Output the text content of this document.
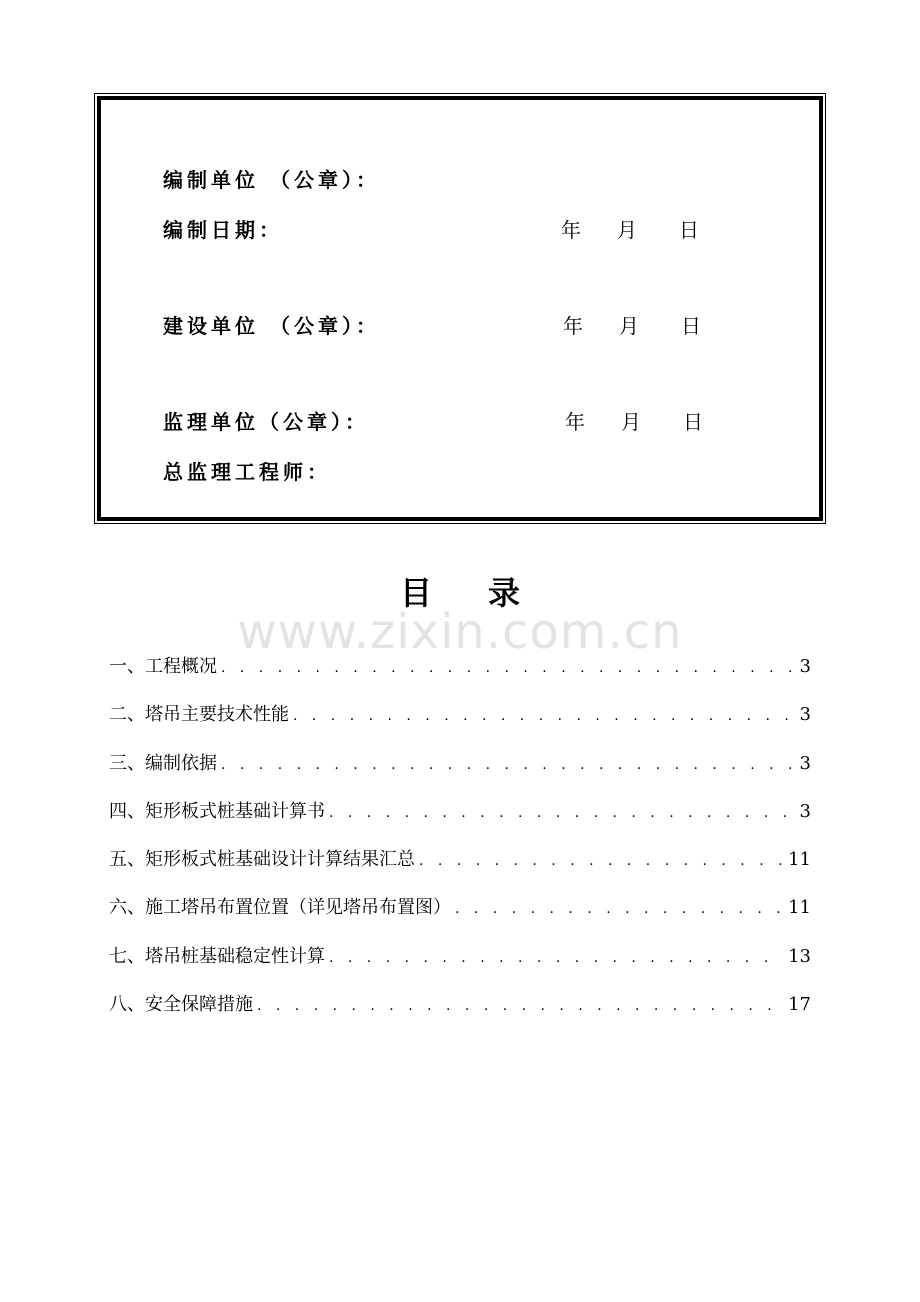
编制单位 （公章）：
编制日期：	年 月 日
建设单位 （公章）：	年 月 日
监理单位（公章）：	年 月 日
总监理工程师：
目录
www.zixin.com.cn
一、工程概况 . . .	3
二、塔吊主要技术性能 . . .	3
三、编制依据 . . .	3
四、矩形板式桩基础计算书 . . .	3
五、矩形板式桩基础设计计算结果汇总 . . .	11
六、施工塔吊布置位置（详见塔吊布置图） . . .	11
七、塔吊桩基础稳定性计算 . . .	13
八、安全保障措施 . . .	17
